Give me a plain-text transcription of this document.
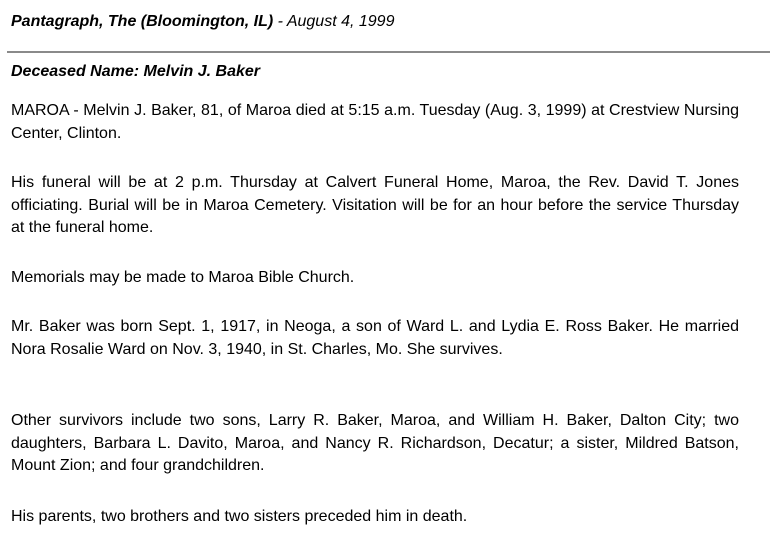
Pantagraph, The (Bloomington, IL) - August 4, 1999
Deceased Name: Melvin J. Baker

MAROA - Melvin J. Baker, 81, of Maroa died at 5:15 a.m. Tuesday (Aug. 3, 1999) at Crestview Nursing Center, Clinton.

His funeral will be at 2 p.m. Thursday at Calvert Funeral Home, Maroa, the Rev. David T. Jones officiating. Burial will be in Maroa Cemetery. Visitation will be for an hour before the service Thursday at the funeral home.

Memorials may be made to Maroa Bible Church.

Mr. Baker was born Sept. 1, 1917, in Neoga, a son of Ward L. and Lydia E. Ross Baker. He married Nora Rosalie Ward on Nov. 3, 1940, in St. Charles, Mo. She survives.

Other survivors include two sons, Larry R. Baker, Maroa, and William H. Baker, Dalton City; two daughters, Barbara L. Davito, Maroa, and Nancy R. Richardson, Decatur; a sister, Mildred Batson, Mount Zion; and four grandchildren.

His parents, two brothers and two sisters preceded him in death.
